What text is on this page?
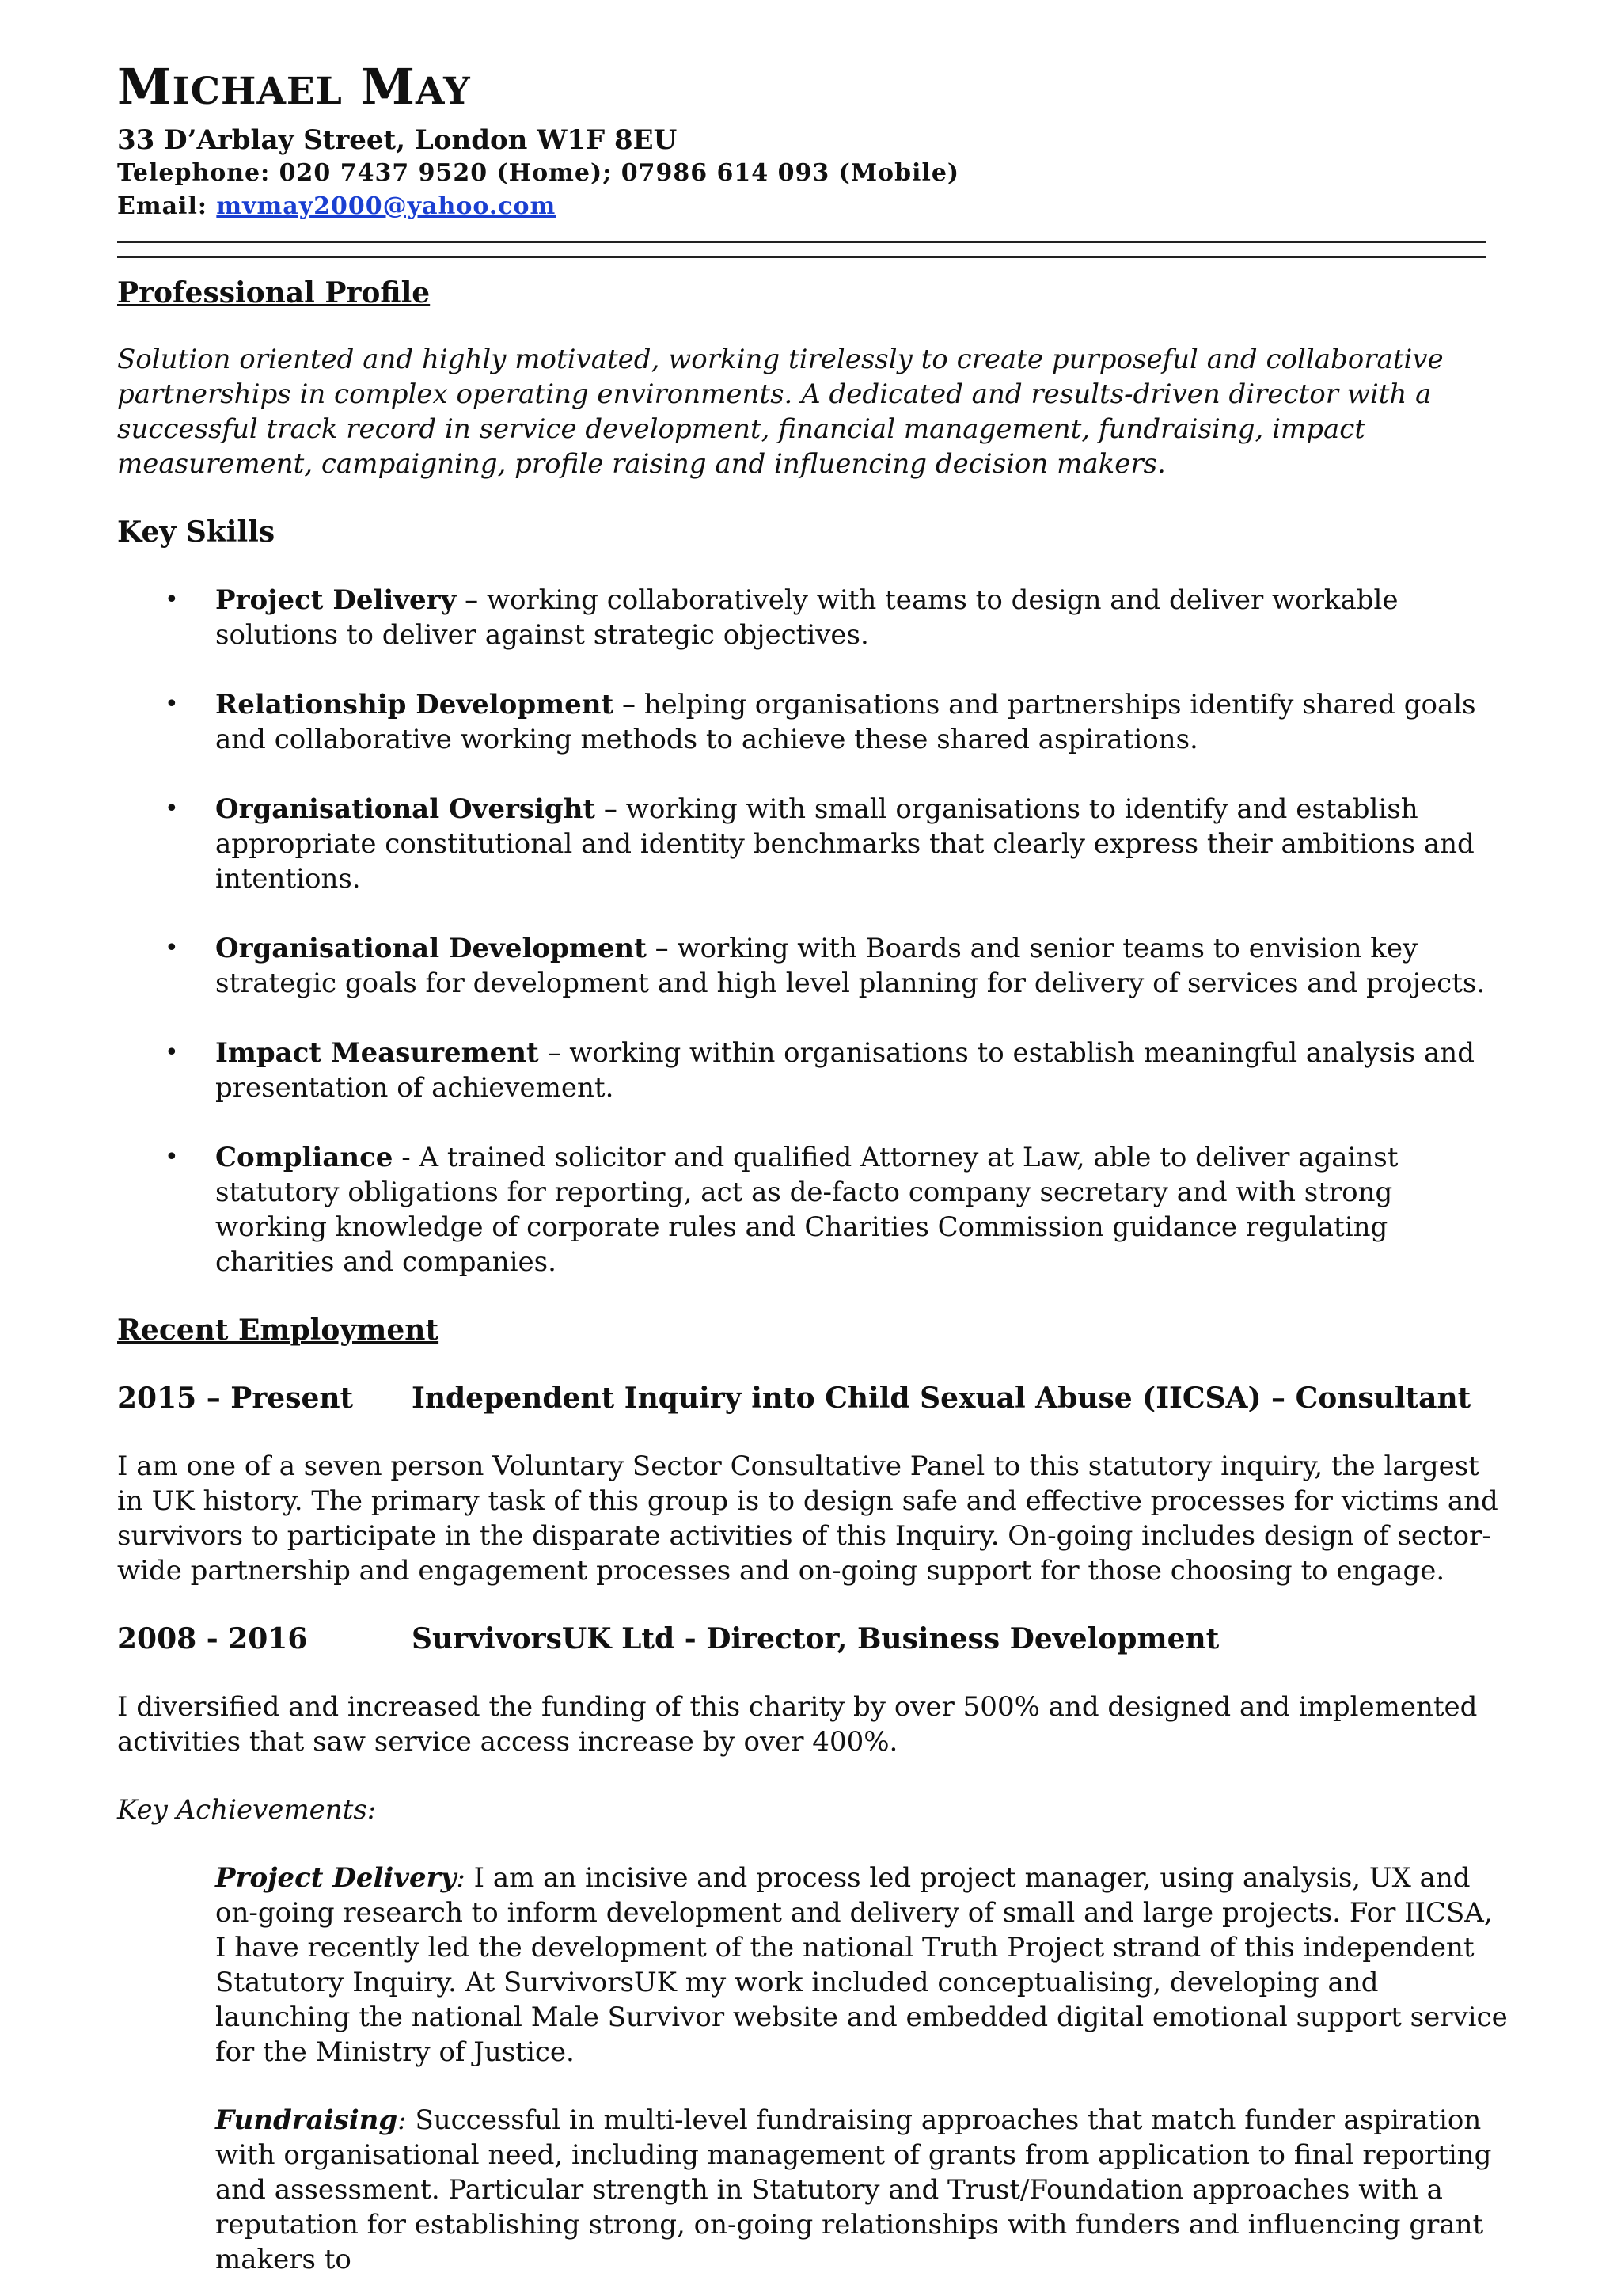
MICHAEL MAY

33 D’Arblay Street, London W1F 8EU

Telephone: 020 7437 9520 (Home); 07986 614 093 (Mobile)

Email: mvmay2000@yahoo.com

Professional Profile

Solution oriented and highly motivated, working tirelessly to create purposeful and collaborative partnerships in complex operating environments. A dedicated and results-driven director with a successful track record in service development, financial management, fundraising, impact measurement, campaigning, profile raising and influencing decision makers.

Key Skills

• Project Delivery – working collaboratively with teams to design and deliver workable solutions to deliver against strategic objectives.
• Relationship Development – helping organisations and partnerships identify shared goals and collaborative working methods to achieve these shared aspirations.
• Organisational Oversight – working with small organisations to identify and establish appropriate constitutional and identity benchmarks that clearly express their ambitions and intentions.
• Organisational Development – working with Boards and senior teams to envision key strategic goals for development and high level planning for delivery of services and projects.
• Impact Measurement – working within organisations to establish meaningful analysis and presentation of achievement.
• Compliance - A trained solicitor and qualified Attorney at Law, able to deliver against statutory obligations for reporting, act as de-facto company secretary and with strong working knowledge of corporate rules and Charities Commission guidance regulating charities and companies.

Recent Employment

2015 – Present	Independent Inquiry into Child Sexual Abuse (IICSA) – Consultant

I am one of a seven person Voluntary Sector Consultative Panel to this statutory inquiry, the largest in UK history. The primary task of this group is to design safe and effective processes for victims and survivors to participate in the disparate activities of this Inquiry. On-going includes design of sector-wide partnership and engagement processes and on-going support for those choosing to engage.

2008 - 2016	SurvivorsUK Ltd - Director, Business Development

I diversified and increased the funding of this charity by over 500% and designed and implemented activities that saw service access increase by over 400%.

Key Achievements:

Project Delivery: I am an incisive and process led project manager, using analysis, UX and on-going research to inform development and delivery of small and large projects. For IICSA, I have recently led the development of the national Truth Project strand of this independent Statutory Inquiry. At SurvivorsUK my work included conceptualising, developing and launching the national Male Survivor website and embedded digital emotional support service for the Ministry of Justice.

Fundraising: Successful in multi-level fundraising approaches that match funder aspiration with organisational need, including management of grants from application to final reporting and assessment. Particular strength in Statutory and Trust/Foundation approaches with a reputation for establishing strong, on-going relationships with funders and influencing grant makers to
